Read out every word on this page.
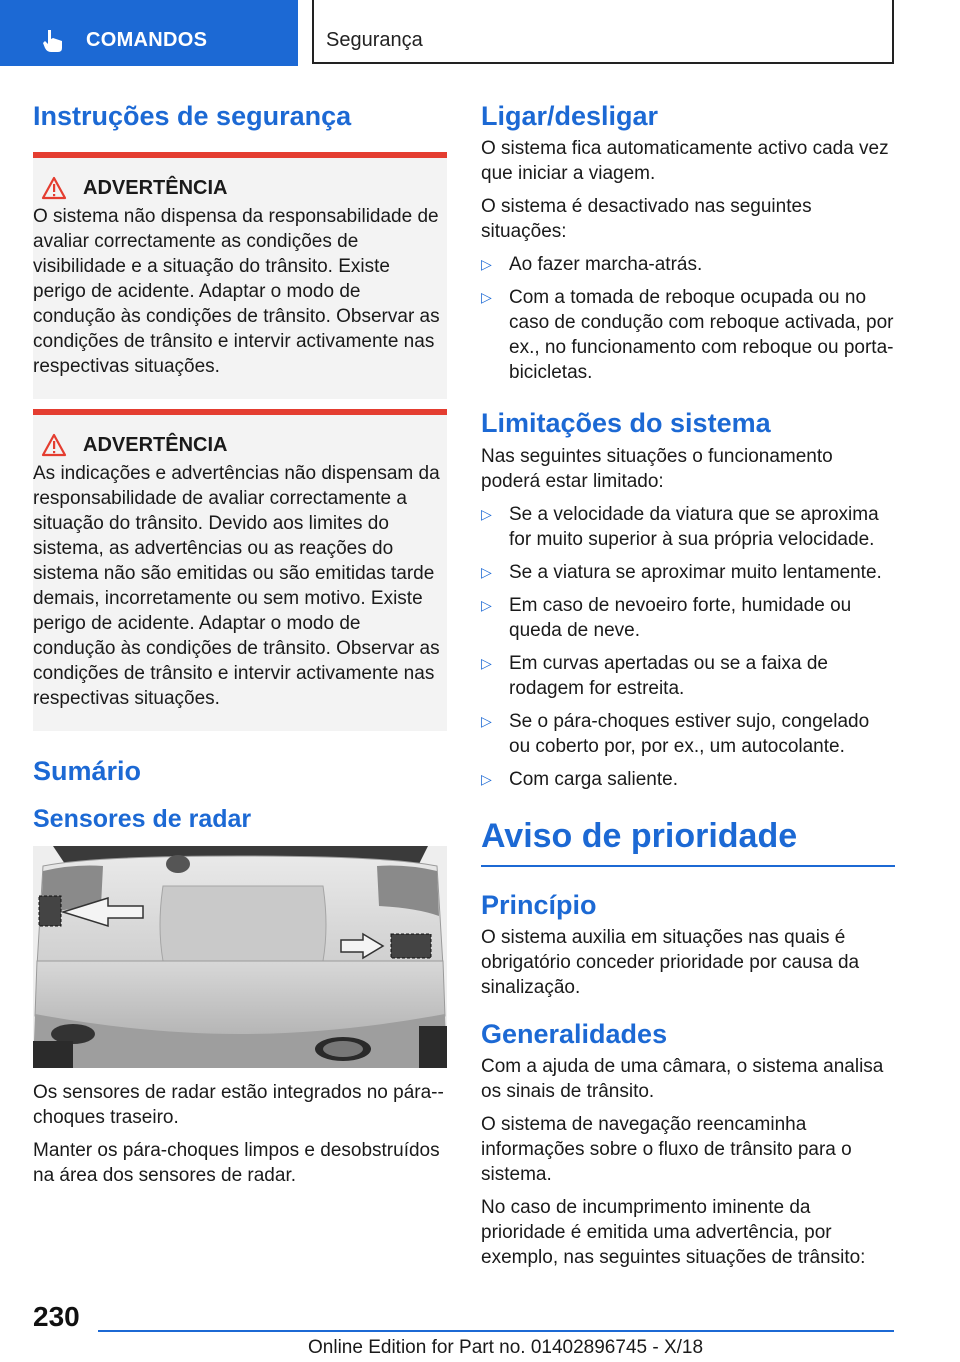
COMANDOS	Segurança
Instruções de segurança
ADVERTÊNCIA

O sistema não dispensa da responsabilidade de avaliar correctamente as condições de visibilidade e a situação do trânsito. Existe perigo de acidente. Adaptar o modo de condução às condições de trânsito. Observar as condições de trânsito e intervir activamente nas respectivas situações.

ADVERTÊNCIA

As indicações e advertências não dispensam da responsabilidade de avaliar correctamente a situação do trânsito. Devido aos limites do sistema, as advertências ou as reações do sistema não são emitidas ou são emitidas tarde demais, incorretamente ou sem motivo. Existe perigo de acidente. Adaptar o modo de condução às condições de trânsito. Observar as condições de trânsito e intervir activamente nas respectivas situações.

Sumário
Sensores de radar

Os sensores de radar estão integrados no pára--choques traseiro.

Manter os pára-choques limpos e desobstruídos na área dos sensores de radar.

Ligar/desligar

O sistema fica automaticamente activo cada vez que iniciar a viagem.

O sistema é desactivado nas seguintes situações:

▷ Ao fazer marcha-atrás.
▷ Com a tomada de reboque ocupada ou no caso de condução com reboque activada, por ex., no funcionamento com reboque ou porta-bicicletas.
Limitações do sistema

Nas seguintes situações o funcionamento poderá estar limitado:

▷ Se a velocidade da viatura que se aproxima for muito superior à sua própria velocidade.
▷ Se a viatura se aproximar muito lentamente.
▷ Em caso de nevoeiro forte, humidade ou queda de neve.
▷ Em curvas apertadas ou se a faixa de rodagem for estreita.
▷ Se o pára-choques estiver sujo, congelado ou coberto por, por ex., um autocolante.
▷ Com carga saliente.
Aviso de prioridade
Princípio

O sistema auxilia em situações nas quais é obrigatório conceder prioridade por causa da sinalização.

Generalidades

Com a ajuda de uma câmara, o sistema analisa os sinais de trânsito.

O sistema de navegação reencaminha informações sobre o fluxo de trânsito para o sistema.

No caso de incumprimento iminente da prioridade é emitida uma advertência, por exemplo, nas seguintes situações de trânsito:

230
Online Edition for Part no. 01402896745 - X/18
